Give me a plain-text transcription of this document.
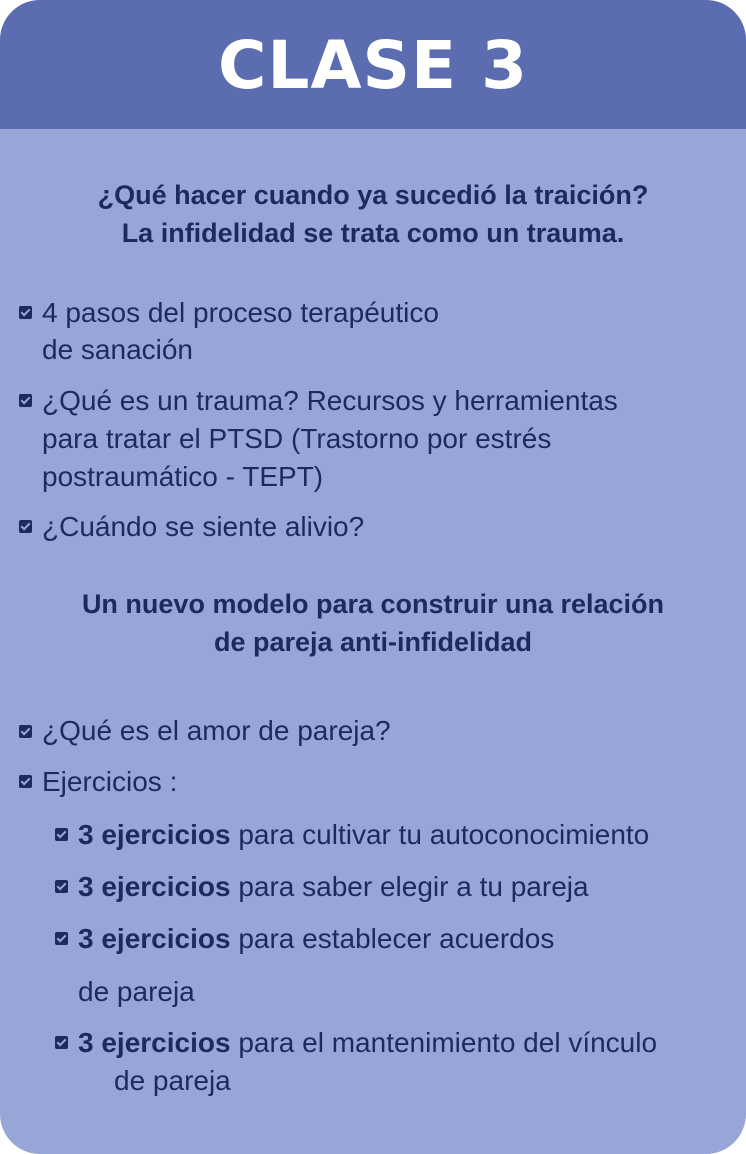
CLASE 3
¿Qué hacer cuando ya sucedió la traición?
La infidelidad se trata como un trauma.
4 pasos del proceso terapéutico
de sanación
¿Qué es un trauma? Recursos y herramientas
para tratar el PTSD (Trastorno por estrés
postraumático - TEPT)
¿Cuándo se siente alivio?
Un nuevo modelo para construir una relación
de pareja anti-infidelidad
¿Qué es el amor de pareja?
Ejercicios :
3 ejercicios para cultivar tu autoconocimiento
3 ejercicios para saber elegir a tu pareja
3 ejercicios para establecer acuerdos
de pareja
3 ejercicios para el mantenimiento del vínculo
de pareja
